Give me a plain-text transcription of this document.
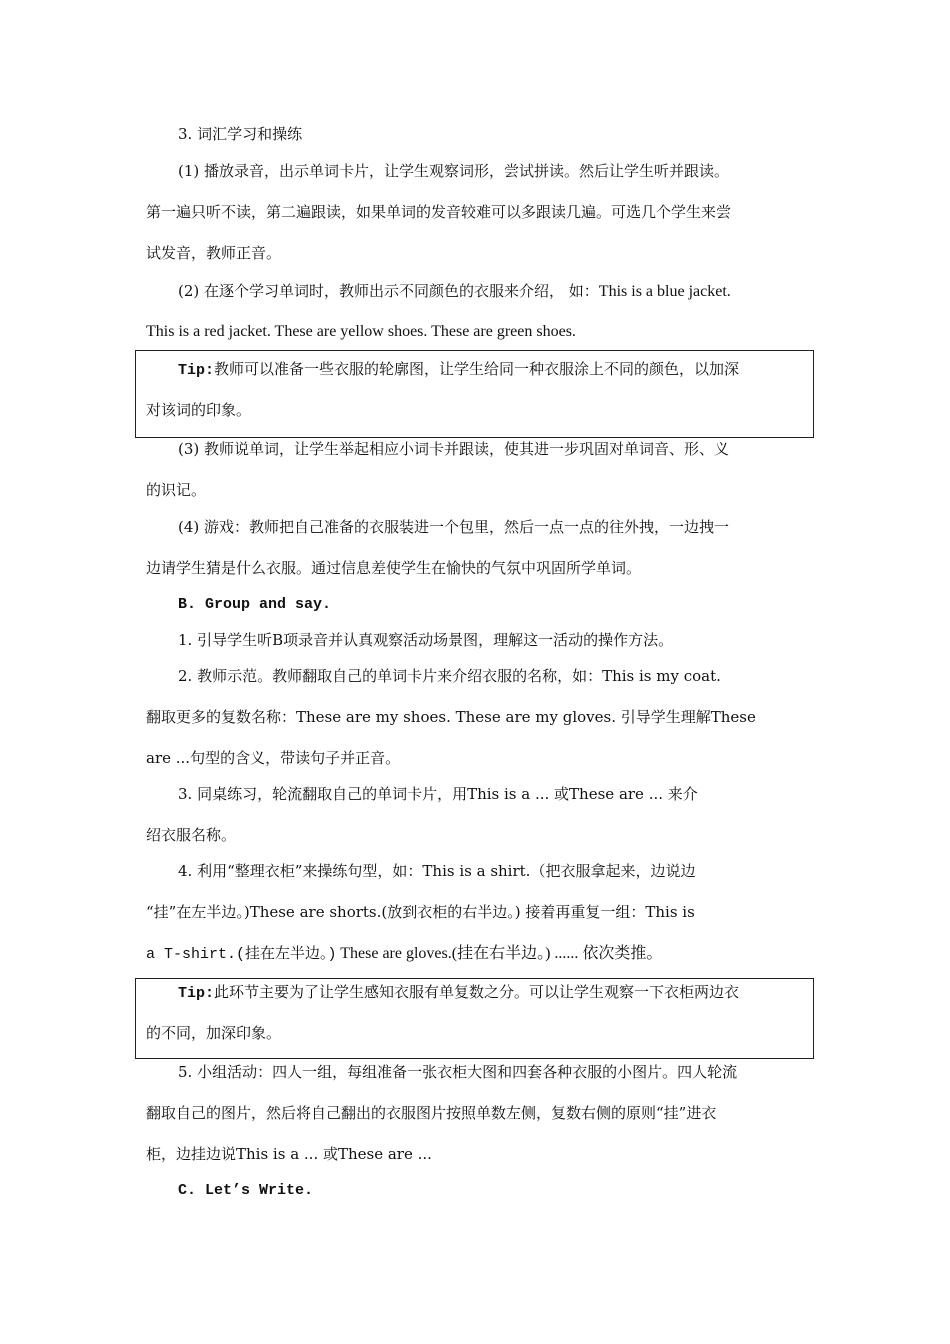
3. 词汇学习和操练
(1) 播放录音，出示单词卡片，让学生观察词形，尝试拼读。然后让学生听并跟读。
第一遍只听不读，第二遍跟读，如果单词的发音较难可以多跟读几遍。可选几个学生来尝
试发音，教师正音。
(2) 在逐个学习单词时，教师出示不同颜色的衣服来介绍， 如：This is a blue jacket.
This is a red jacket. These are yellow shoes. These are green shoes.
Tip:教师可以准备一些衣服的轮廓图，让学生给同一种衣服涂上不同的颜色，以加深
对该词的印象。
(3) 教师说单词，让学生举起相应小词卡并跟读，使其进一步巩固对单词音、形、义
的识记。
(4) 游戏：教师把自己准备的衣服装进一个包里，然后一点一点的往外拽，一边拽一
边请学生猜是什么衣服。通过信息差使学生在愉快的气氛中巩固所学单词。
B. Group and say.
1. 引导学生听B项录音并认真观察活动场景图，理解这一活动的操作方法。
2. 教师示范。教师翻取自己的单词卡片来介绍衣服的名称，如：This is my coat.
翻取更多的复数名称：These are my shoes. These are my gloves. 引导学生理解These
are ...句型的含义，带读句子并正音。
3. 同桌练习，轮流翻取自己的单词卡片，用This is a ... 或These are ... 来介
绍衣服名称。
4. 利用“整理衣柜”来操练句型，如：This is a shirt.（把衣服拿起来，边说边
“挂”在左半边。)These are shorts.(放到衣柜的右半边。) 接着再重复一组：This is
a T-shirt.(挂在左半边。) These are gloves.(挂在右半边。) ...... 依次类推。
Tip:此环节主要为了让学生感知衣服有单复数之分。可以让学生观察一下衣柜两边衣
的不同，加深印象。
5. 小组活动：四人一组，每组准备一张衣柜大图和四套各种衣服的小图片。四人轮流
翻取自己的图片，然后将自己翻出的衣服图片按照单数左侧，复数右侧的原则“挂”进衣
柜，边挂边说This is a ... 或These are ...
C. Let’s Write.
